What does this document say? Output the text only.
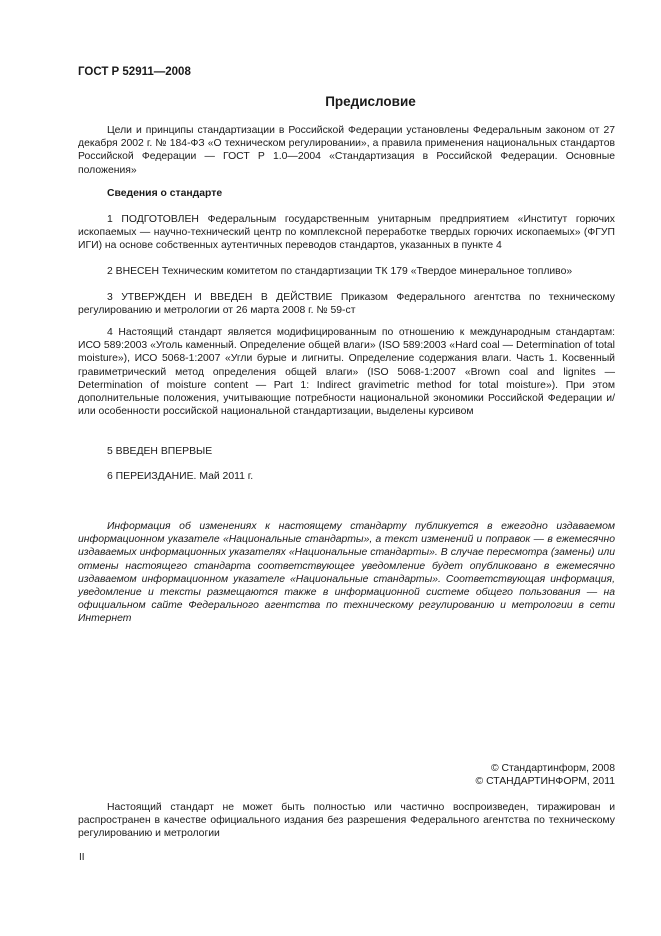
ГОСТ Р 52911—2008
Предисловие
Цели и принципы стандартизации в Российской Федерации установлены Федеральным законом от 27 декабря 2002 г. № 184-ФЗ «О техническом регулировании», а правила применения национальных стандартов Российской Федерации — ГОСТ Р 1.0—2004 «Стандартизация в Российской Федерации. Основные положения»
Сведения о стандарте
1 ПОДГОТОВЛЕН Федеральным государственным унитарным предприятием «Институт горючих ископаемых — научно-технический центр по комплексной переработке твердых горючих ископаемых» (ФГУП ИГИ) на основе собственных аутентичных переводов стандартов, указанных в пункте 4
2 ВНЕСЕН Техническим комитетом по стандартизации ТК 179 «Твердое минеральное топливо»
3 УТВЕРЖДЕН И ВВЕДЕН В ДЕЙСТВИЕ Приказом Федерального агентства по техническому регулированию и метрологии от 26 марта 2008 г. № 59-ст
4 Настоящий стандарт является модифицированным по отношению к международным стандартам: ИСО 589:2003 «Уголь каменный. Определение общей влаги» (ISO 589:2003 «Hard coal — Determination of total moisture»), ИСО 5068-1:2007 «Угли бурые и лигниты. Определение содержания влаги. Часть 1. Косвенный гравиметрический метод определения общей влаги» (ISO 5068-1:2007 «Brown coal and lignites — Determination of moisture content — Part 1: Indirect gravimetric method for total moisture»). При этом дополнительные положения, учитывающие потребности национальной экономики Российской Федерации и/или особенности российской национальной стандартизации, выделены курсивом
5 ВВЕДЕН ВПЕРВЫЕ
6 ПЕРЕИЗДАНИЕ. Май 2011 г.
Информация об изменениях к настоящему стандарту публикуется в ежегодно издаваемом информационном указателе «Национальные стандарты», а текст изменений и поправок — в ежемесячно издаваемых информационных указателях «Национальные стандарты». В случае пересмотра (замены) или отмены настоящего стандарта соответствующее уведомление будет опубликовано в ежемесячно издаваемом информационном указателе «Национальные стандарты». Соответствующая информация, уведомление и тексты размещаются также в информационной системе общего пользования — на официальном сайте Федерального агентства по техническому регулированию и метрологии в сети Интернет
© Стандартинформ, 2008
© СТАНДАРТИНФОРМ, 2011
Настоящий стандарт не может быть полностью или частично воспроизведен, тиражирован и распространен в качестве официального издания без разрешения Федерального агентства по техническому регулированию и метрологии
II
